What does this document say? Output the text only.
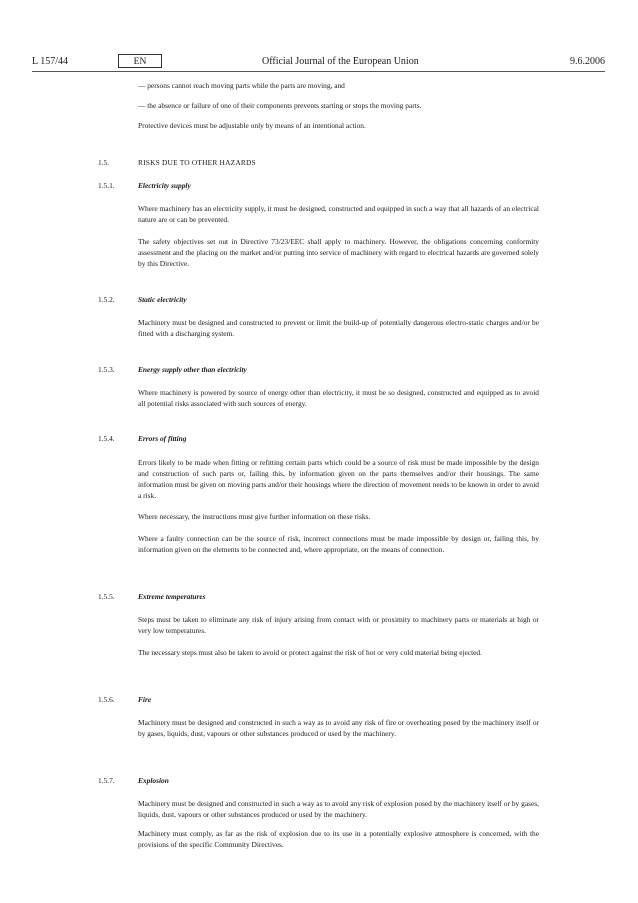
L 157/44	EN	Official Journal of the European Union	9.6.2006
— persons cannot reach moving parts while the parts are moving, and
— the absence or failure of one of their components prevents starting or stops the moving parts.
Protective devices must be adjustable only by means of an intentional action.
1.5.	RISKS DUE TO OTHER HAZARDS
1.5.1.	Electricity supply
Where machinery has an electricity supply, it must be designed, constructed and equipped in such a way that all hazards of an electrical nature are or can be prevented.
The safety objectives set out in Directive 73/23/EEC shall apply to machinery. However, the obligations concerning conformity assessment and the placing on the market and/or putting into service of machinery with regard to electrical hazards are governed solely by this Directive.
1.5.2.	Static electricity
Machinery must be designed and constructed to prevent or limit the build-up of potentially dangerous electro-static charges and/or be fitted with a discharging system.
1.5.3.	Energy supply other than electricity
Where machinery is powered by source of energy other than electricity, it must be so designed, constructed and equipped as to avoid all potential risks associated with such sources of energy.
1.5.4.	Errors of fitting
Errors likely to be made when fitting or refitting certain parts which could be a source of risk must be made impossible by the design and construction of such parts or, failing this, by information given on the parts themselves and/or their housings. The same information must be given on moving parts and/or their housings where the direction of movement needs to be known in order to avoid a risk.
Where necessary, the instructions must give further information on these risks.
Where a faulty connection can be the source of risk, incorrect connections must be made impossible by design or, failing this, by information given on the elements to be connected and, where appropriate, on the means of connection.
1.5.5.	Extreme temperatures
Steps must be taken to eliminate any risk of injury arising from contact with or proximity to machinery parts or materials at high or very low temperatures.
The necessary steps must also be taken to avoid or protect against the risk of hot or very cold material being ejected.
1.5.6.	Fire
Machinery must be designed and constructed in such a way as to avoid any risk of fire or overheating posed by the machinery itself or by gases, liquids, dust, vapours or other substances produced or used by the machinery.
1.5.7.	Explosion
Machinery must be designed and constructed in such a way as to avoid any risk of explosion posed by the machinery itself or by gases, liquids, dust, vapours or other substances produced or used by the machinery.
Machinery must comply, as far as the risk of explosion due to its use in a potentially explosive atmosphere is concerned, with the provisions of the specific Community Directives.
